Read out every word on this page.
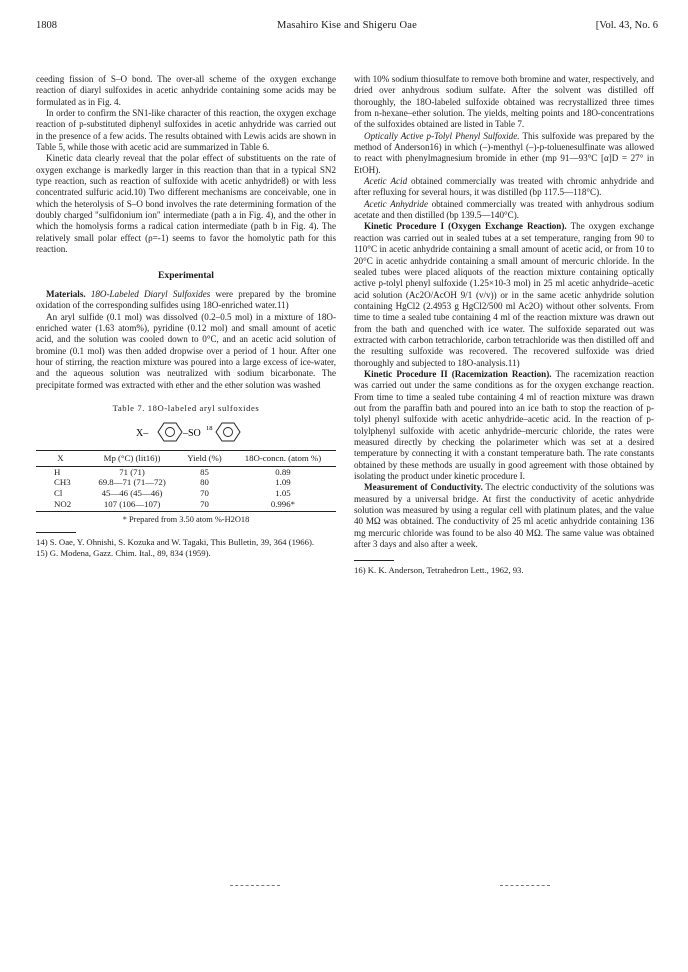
1808	Masahiro Kise and Shigeru Oae	[Vol. 43, No. 6

ceeding fission of S–O bond. The over-all scheme of the oxygen exchange reaction of diaryl sulfoxides in acetic anhydride containing some acids may be formulated as in Fig. 4.

In order to confirm the SN1-like character of this reaction, the oxygen exchage reaction of p-substituted diphenyl sulfoxides in acetic anhydride was carried out in the presence of a few acids. The results obtained with Lewis acids are shown in Table 5, while those with acetic acid are summarized in Table 6.

Kinetic data clearly reveal that the polar effect of substituents on the rate of oxygen exchange is markedly larger in this reaction than that in a typical SN2 type reaction, such as reaction of sulfoxide with acetic anhydride8) or with less concentrated sulfuric acid.10) Two different mechanisms are conceivable, one in which the heterolysis of S–O bond involves the rate determining formation of the doubly charged "sulfidonium ion" intermediate (path a in Fig. 4), and the other in which the homolysis forms a radical cation intermediate (path b in Fig. 4). The relatively small polar effect (ρ=-1) seems to favor the homolytic path for this reaction.

Experimental

Materials. 18O-Labeled Diaryl Sulfoxides were prepared by the bromine oxidation of the corresponding sulfides using 18O-enriched water.11)

An aryl sulfide (0.1 mol) was dissolved (0.2–0.5 mol) in a mixture of 18O-enriched water (1.63 atom%), pyridine (0.12 mol) and small amount of acetic acid, and the solution was cooled down to 0°C, and an acetic acid solution of bromine (0.1 mol) was then added dropwise over a period of 1 hour. After one hour of stirring, the reaction mixture was poured into a large excess of ice-water, and the aqueous solution was neutralized with sodium bicarbonate. The precipitate formed was extracted with ether and the ether solution was washed

Table 7. 18O-labeled aryl sulfoxides

X–	–SO 18
X	Mp (°C) (lit16))	Yield (%)	18O-concn. (atom %)
H	71 (71)	85	0.89
CH3	69.8—71 (71—72)	80	1.09
Cl	45—46 (45—46)	70	1.05
NO2	107 (106—107)	70	0.996*

* Prepared from 3.50 atom %-H2O18

14) S. Oae, Y. Ohnishi, S. Kozuka and W. Tagaki, This Bulletin, 39, 364 (1966).

15) G. Modena, Gazz. Chim. Ital., 89, 834 (1959).

with 10% sodium thiosulfate to remove both bromine and water, respectively, and dried over anhydrous sodium sulfate. After the solvent was distilled off thoroughly, the 18O-labeled sulfoxide obtained was recrystallized three times from n-hexane–ether solution. The yields, melting points and 18O-concentrations of the sulfoxides obtained are listed in Table 7.

Optically Active p-Tolyl Phenyl Sulfoxide. This sulfoxide was prepared by the method of Anderson16) in which (–)-menthyl (–)-p-toluenesulfinate was allowed to react with phenylmagnesium bromide in ether (mp 91—93°C [α]D = 27° in EtOH).

Acetic Acid obtained commercially was treated with chromic anhydride and after refluxing for several hours, it was distilled (bp 117.5—118°C).

Acetic Anhydride obtained commercially was treated with anhydrous sodium acetate and then distilled (bp 139.5—140°C).

Kinetic Procedure I (Oxygen Exchange Reaction). The oxygen exchange reaction was carried out in sealed tubes at a set temperature, ranging from 90 to 110°C in acetic anhydride containing a small amount of acetic acid, or from 10 to 20°C in acetic anhydride containing a small amount of mercuric chloride. In the sealed tubes were placed aliquots of the reaction mixture containing optically active p-tolyl phenyl sulfoxide (1.25×10-3 mol) in 25 ml acetic anhydride–acetic acid solution (Ac2O/AcOH 9/1 (v/v)) or in the same acetic anhydride solution containing HgCl2 (2.4953 g HgCl2/500 ml Ac2O) without other solvents. From time to time a sealed tube containing 4 ml of the reaction mixture was drawn out from the bath and quenched with ice water. The sulfoxide separated out was extracted with carbon tetrachloride, carbon tetrachloride was then distilled off and the resulting sulfoxide was recovered. The recovered sulfoxide was dried thoroughly and subjected to 18O-analysis.11)

Kinetic Procedure II (Racemization Reaction). The racemization reaction was carried out under the same conditions as for the oxygen exchange reaction. From time to time a sealed tube containing 4 ml of reaction mixture was drawn out from the paraffin bath and poured into an ice bath to stop the reaction of p-tolyl phenyl sulfoxide with acetic anhydride–acetic acid. In the reaction of p-tolylphenyl sulfoxide with acetic anhydride–mercuric chloride, the rates were measured directly by checking the polarimeter which was set at a desired temperature by connecting it with a constant temperature bath. The rate constants obtained by these methods are usually in good agreement with those obtained by isolating the product under kinetic procedure I.

Measurement of Conductivity. The electric conductivity of the solutions was measured by a universal bridge. At first the conductivity of acetic anhydride solution was measured by using a regular cell with platinum plates, and the value 40 MΩ was obtained. The conductivity of 25 ml acetic anhydride containing 136 mg mercuric chloride was found to be also 40 MΩ. The same value was obtained after 3 days and also after a week.

16) K. K. Anderson, Tetrahedron Lett., 1962, 93.
